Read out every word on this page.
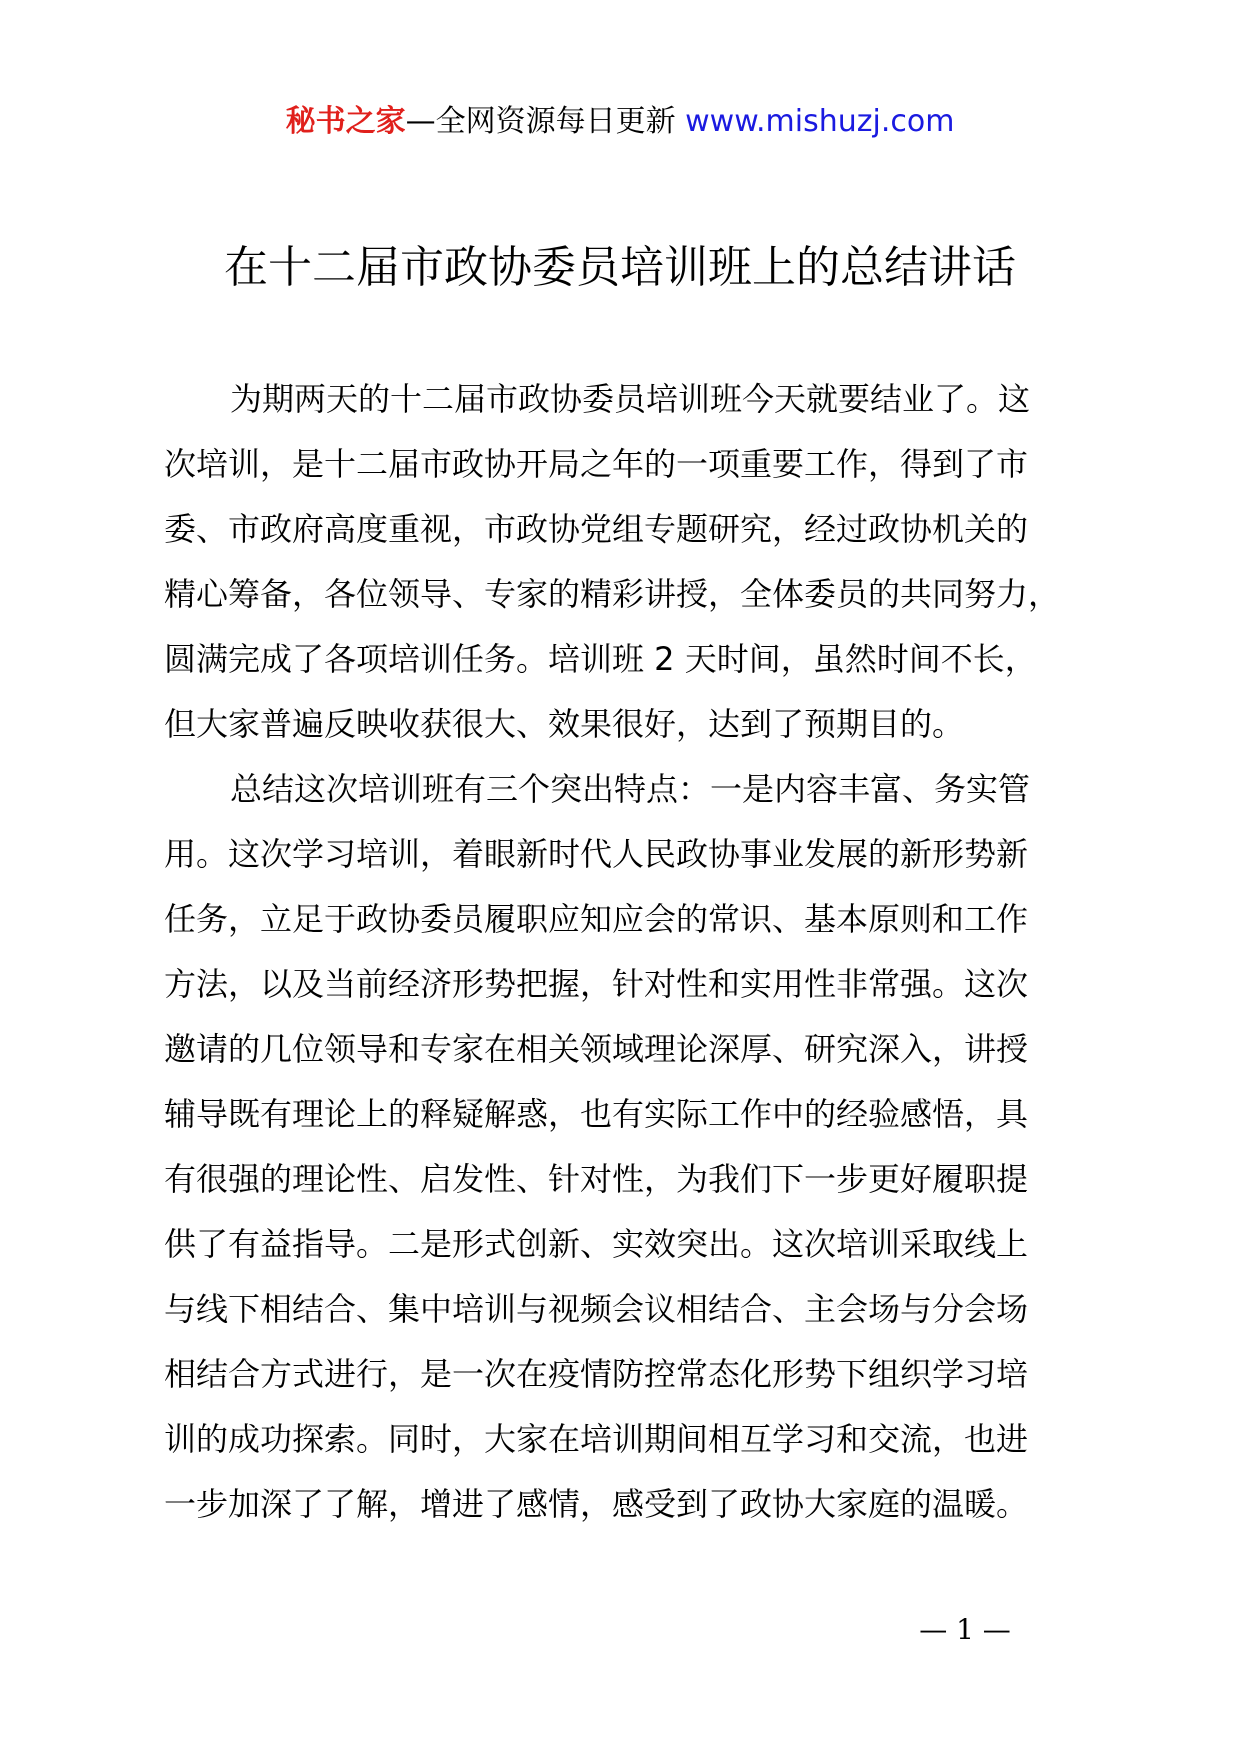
秘书之家—全网资源每日更新 www.mishuzj.com
在十二届市政协委员培训班上的总结讲话

为期两天的十二届市政协委员培训班今天就要结业了。这
次培训，是十二届市政协开局之年的一项重要工作，得到了市
委、市政府高度重视，市政协党组专题研究，经过政协机关的
精心筹备，各位领导、专家的精彩讲授，全体委员的共同努力，
圆满完成了各项培训任务。培训班 2 天时间，虽然时间不长，
但大家普遍反映收获很大、效果很好，达到了预期目的。

总结这次培训班有三个突出特点：一是内容丰富、务实管
用。这次学习培训，着眼新时代人民政协事业发展的新形势新
任务，立足于政协委员履职应知应会的常识、基本原则和工作
方法，以及当前经济形势把握，针对性和实用性非常强。这次
邀请的几位领导和专家在相关领域理论深厚、研究深入，讲授
辅导既有理论上的释疑解惑，也有实际工作中的经验感悟，具
有很强的理论性、启发性、针对性，为我们下一步更好履职提
供了有益指导。二是形式创新、实效突出。这次培训采取线上
与线下相结合、集中培训与视频会议相结合、主会场与分会场
相结合方式进行，是一次在疫情防控常态化形势下组织学习培
训的成功探索。同时，大家在培训期间相互学习和交流，也进
一步加深了了解，增进了感情，感受到了政协大家庭的温暖。

— 1 —
